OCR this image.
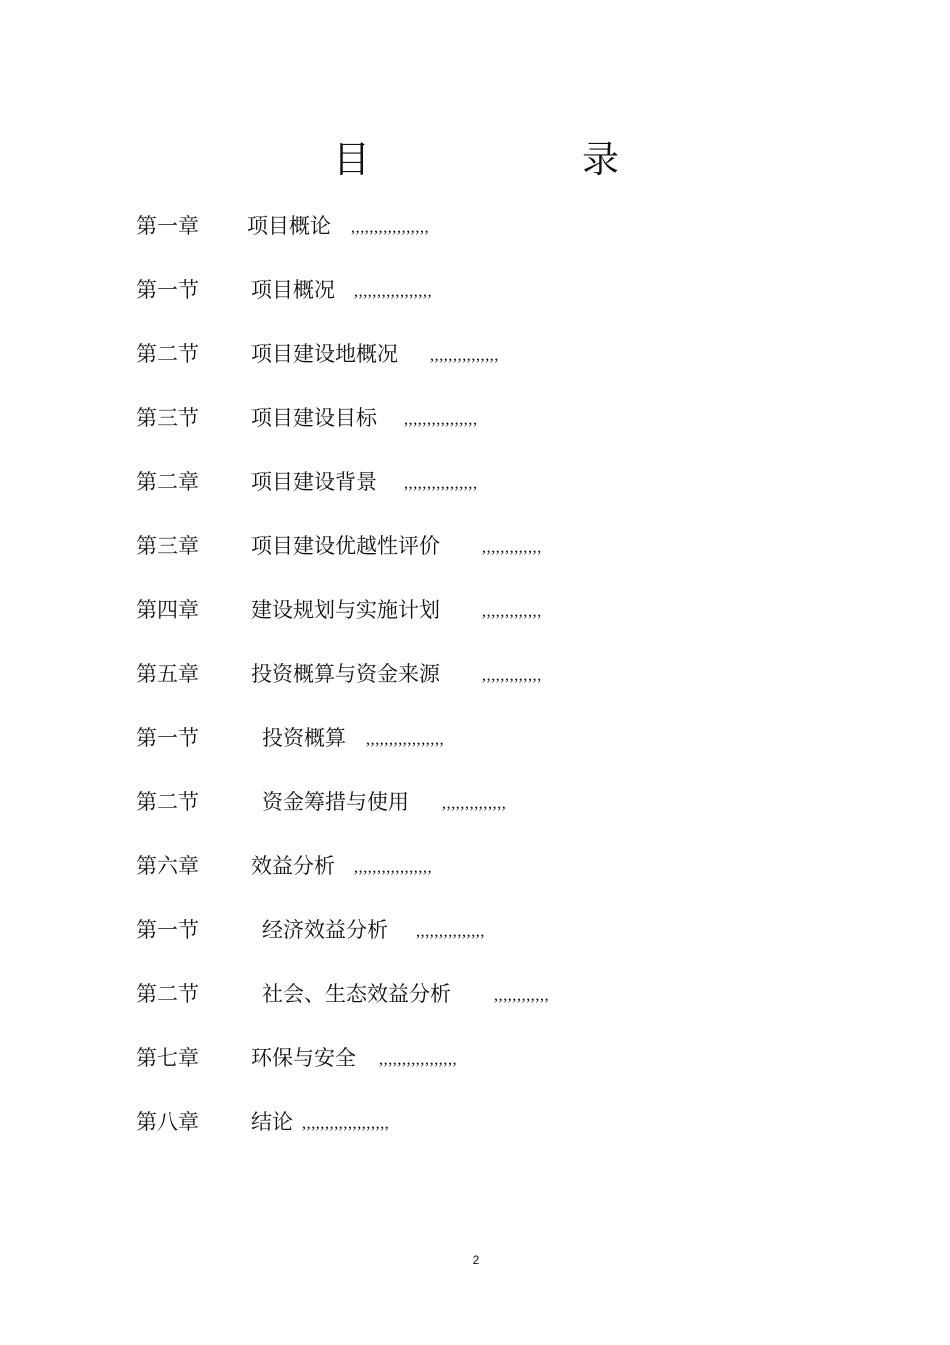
目	录
第一章 项目概论 ,,,,,,,,,,,,,,,,,
第一节 项目概况 ,,,,,,,,,,,,,,,,,
第二节 项目建设地概况 ,,,,,,,,,,,,,,,
第三节 项目建设目标 ,,,,,,,,,,,,,,,,
第二章 项目建设背景 ,,,,,,,,,,,,,,,,
第三章 项目建设优越性评价	,,,,,,,,,,,,,
第四章 建设规划与实施计划	,,,,,,,,,,,,,
第五章 投资概算与资金来源	,,,,,,,,,,,,,
第一节	投资概算 ,,,,,,,,,,,,,,,,,
第二节	资金筹措与使用 ,,,,,,,,,,,,,,
第六章 效益分析 ,,,,,,,,,,,,,,,,,
第一节	经济效益分析 ,,,,,,,,,,,,,,,
第二节	社会、生态效益分析	,,,,,,,,,,,,
第七章 环保与安全 ,,,,,,,,,,,,,,,,,
第八章 结论 ,,,,,,,,,,,,,,,,,,,
2
